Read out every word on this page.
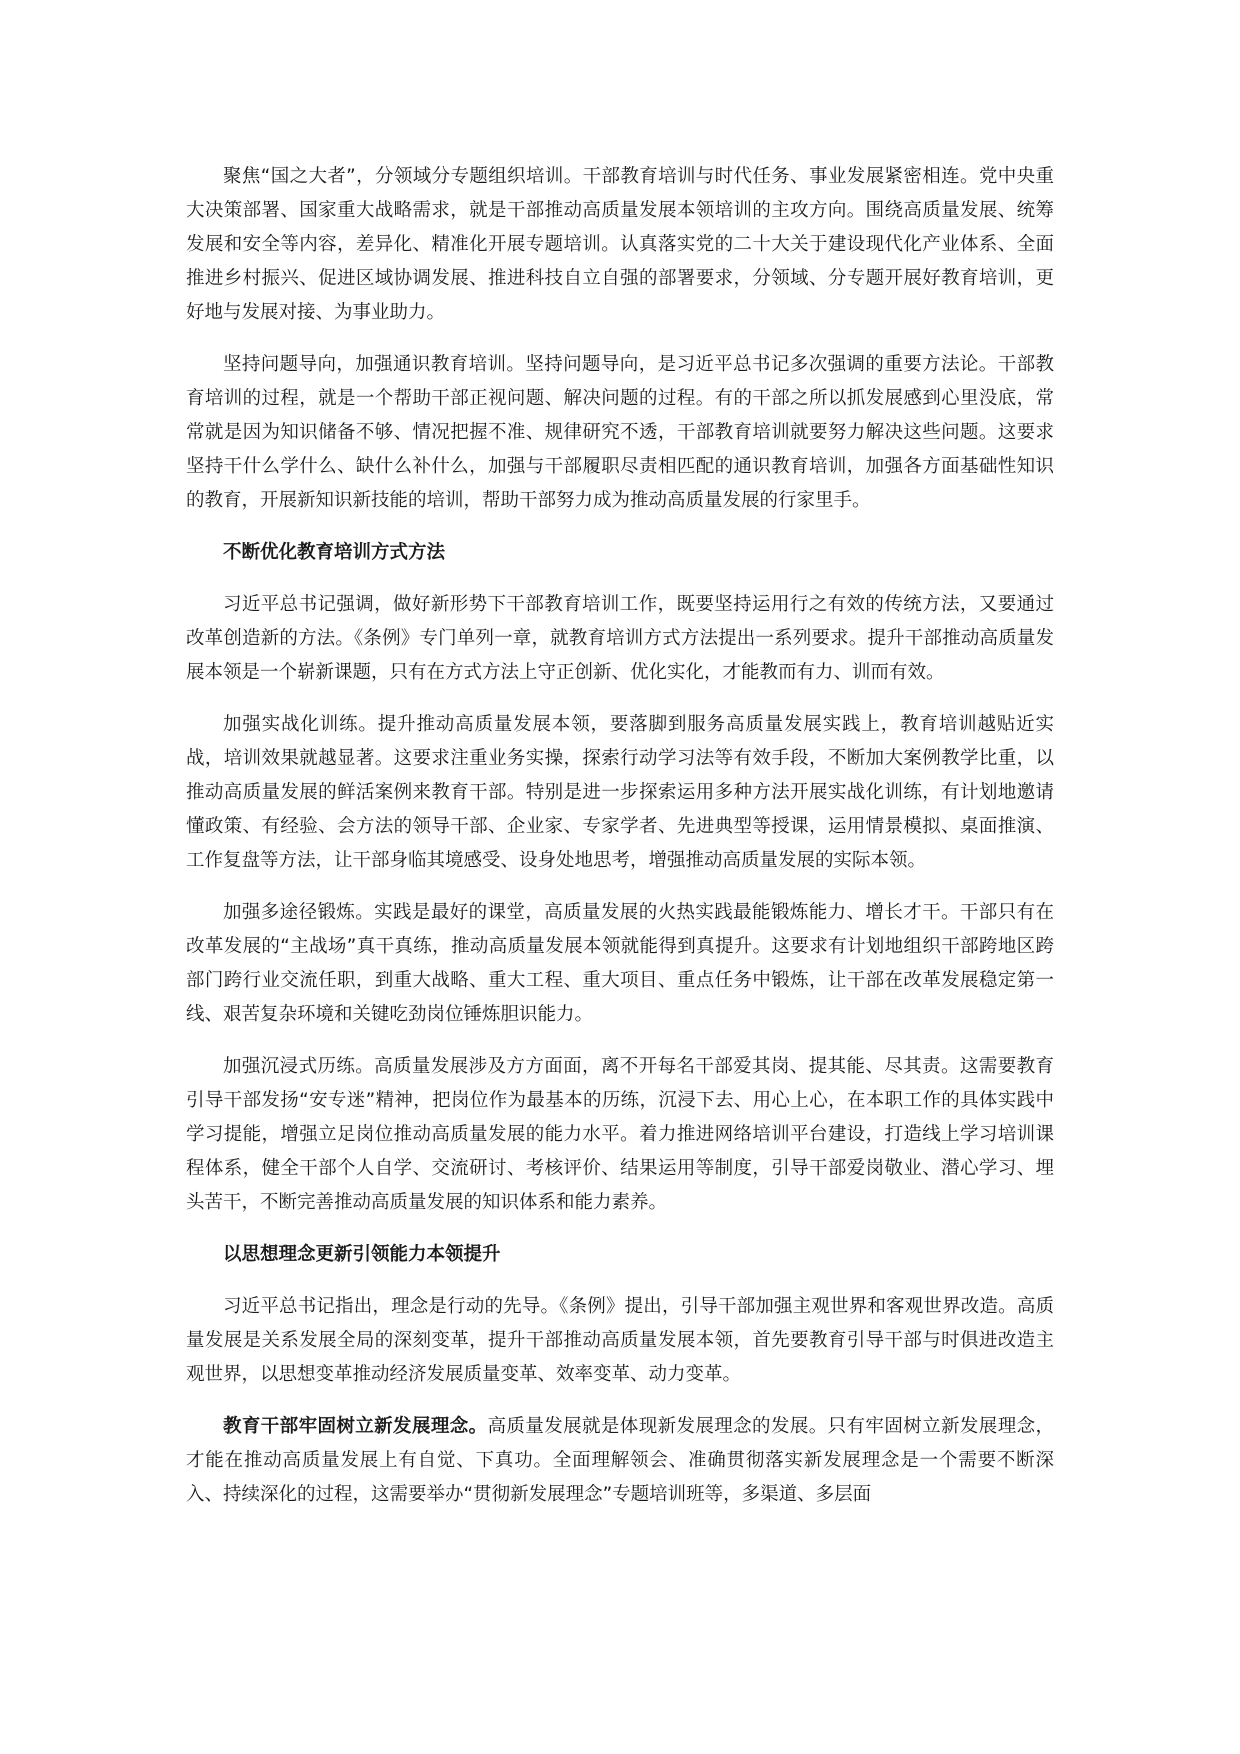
聚焦“国之大者”，分领域分专题组织培训。干部教育培训与时代任务、事业发展紧密相连。党中央重大决策部署、国家重大战略需求，就是干部推动高质量发展本领培训的主攻方向。围绕高质量发展、统筹发展和安全等内容，差异化、精准化开展专题培训。认真落实党的二十大关于建设现代化产业体系、全面推进乡村振兴、促进区域协调发展、推进科技自立自强的部署要求，分领域、分专题开展好教育培训，更好地与发展对接、为事业助力。

坚持问题导向，加强通识教育培训。坚持问题导向，是习近平总书记多次强调的重要方法论。干部教育培训的过程，就是一个帮助干部正视问题、解决问题的过程。有的干部之所以抓发展感到心里没底，常常就是因为知识储备不够、情况把握不准、规律研究不透，干部教育培训就要努力解决这些问题。这要求坚持干什么学什么、缺什么补什么，加强与干部履职尽责相匹配的通识教育培训，加强各方面基础性知识的教育，开展新知识新技能的培训，帮助干部努力成为推动高质量发展的行家里手。

不断优化教育培训方式方法

习近平总书记强调，做好新形势下干部教育培训工作，既要坚持运用行之有效的传统方法，又要通过改革创造新的方法。《条例》专门单列一章，就教育培训方式方法提出一系列要求。提升干部推动高质量发展本领是一个崭新课题，只有在方式方法上守正创新、优化实化，才能教而有力、训而有效。

加强实战化训练。提升推动高质量发展本领，要落脚到服务高质量发展实践上，教育培训越贴近实战，培训效果就越显著。这要求注重业务实操，探索行动学习法等有效手段，不断加大案例教学比重，以推动高质量发展的鲜活案例来教育干部。特别是进一步探索运用多种方法开展实战化训练，有计划地邀请懂政策、有经验、会方法的领导干部、企业家、专家学者、先进典型等授课，运用情景模拟、桌面推演、工作复盘等方法，让干部身临其境感受、设身处地思考，增强推动高质量发展的实际本领。

加强多途径锻炼。实践是最好的课堂，高质量发展的火热实践最能锻炼能力、增长才干。干部只有在改革发展的“主战场”真干真练，推动高质量发展本领就能得到真提升。这要求有计划地组织干部跨地区跨部门跨行业交流任职，到重大战略、重大工程、重大项目、重点任务中锻炼，让干部在改革发展稳定第一线、艰苦复杂环境和关键吃劲岗位锤炼胆识能力。

加强沉浸式历练。高质量发展涉及方方面面，离不开每名干部爱其岗、提其能、尽其责。这需要教育引导干部发扬“安专迷”精神，把岗位作为最基本的历练，沉浸下去、用心上心，在本职工作的具体实践中学习提能，增强立足岗位推动高质量发展的能力水平。着力推进网络培训平台建设，打造线上学习培训课程体系，健全干部个人自学、交流研讨、考核评价、结果运用等制度，引导干部爱岗敬业、潜心学习、埋头苦干，不断完善推动高质量发展的知识体系和能力素养。

以思想理念更新引领能力本领提升

习近平总书记指出，理念是行动的先导。《条例》提出，引导干部加强主观世界和客观世界改造。高质量发展是关系发展全局的深刻变革，提升干部推动高质量发展本领，首先要教育引导干部与时俱进改造主观世界，以思想变革推动经济发展质量变革、效率变革、动力变革。

教育干部牢固树立新发展理念。高质量发展就是体现新发展理念的发展。只有牢固树立新发展理念，才能在推动高质量发展上有自觉、下真功。全面理解领会、准确贯彻落实新发展理念是一个需要不断深入、持续深化的过程，这需要举办“贯彻新发展理念”专题培训班等，多渠道、多层面
